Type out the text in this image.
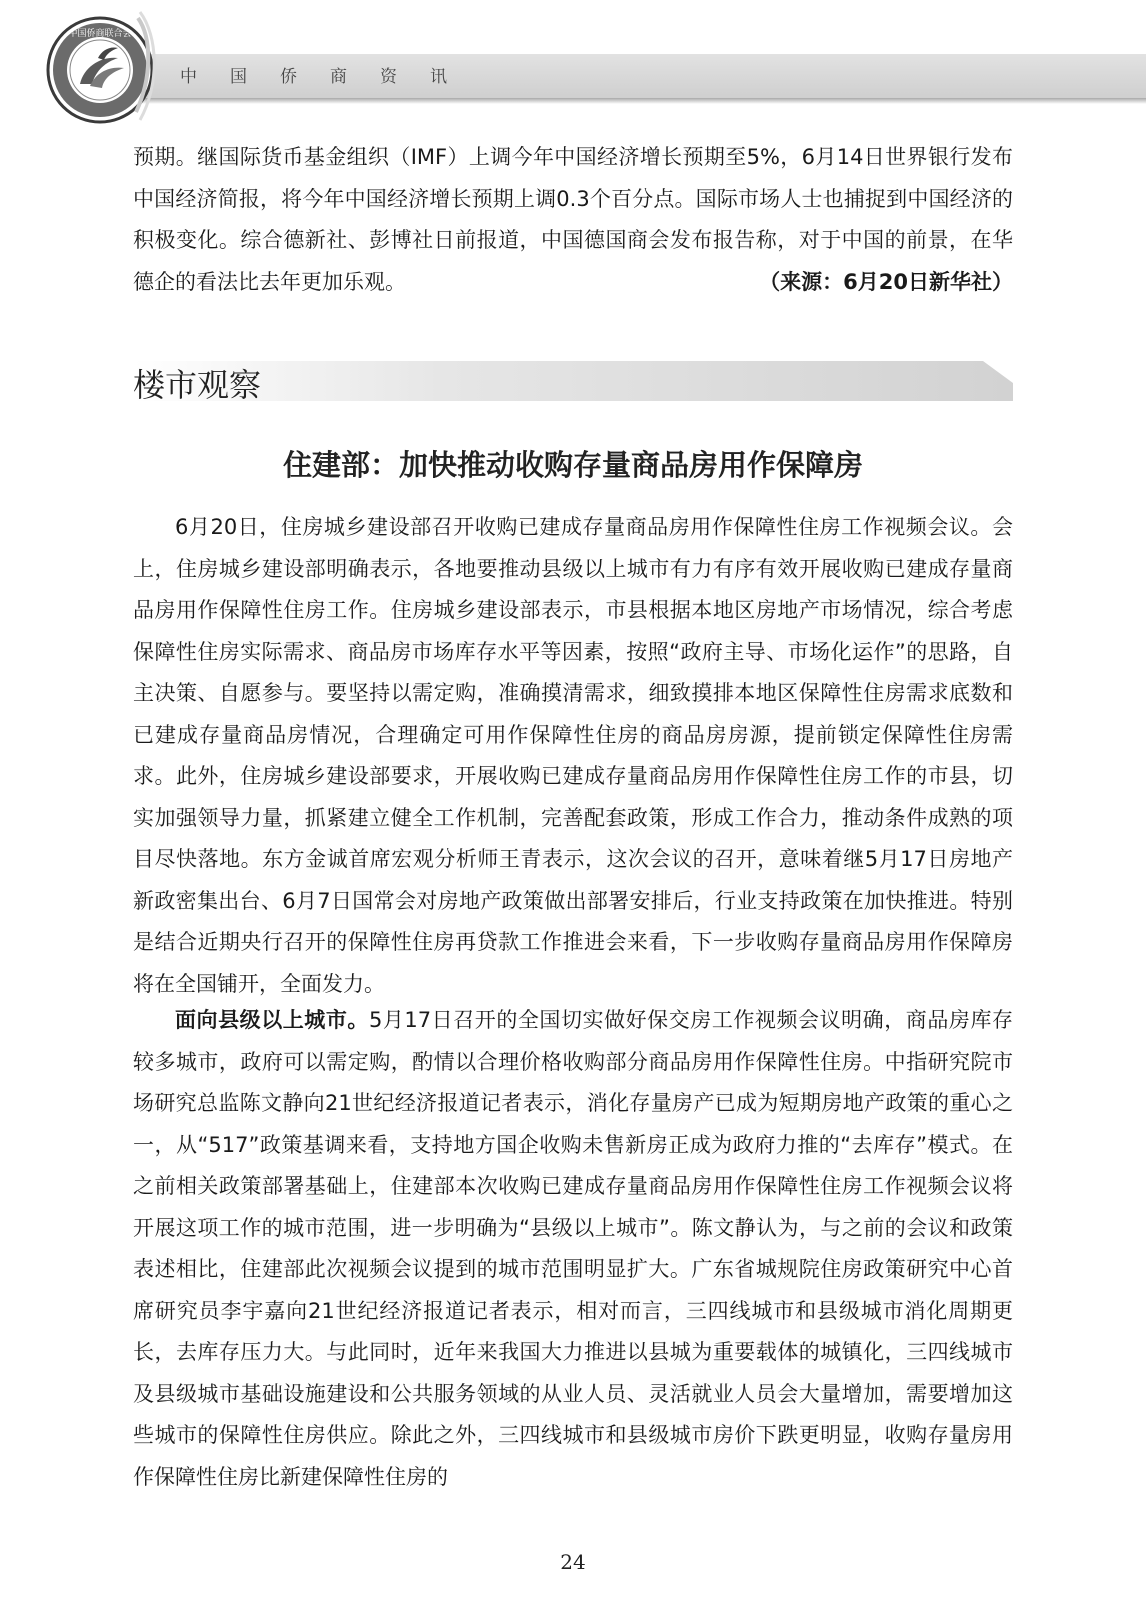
中国侨商资讯
中国侨商联合会

预期。继国际货币基金组织（IMF）上调今年中国经济增长预期至5%，6月14日世界银行发布中国经济简报，将今年中国经济增长预期上调0.3个百分点。国际市场人士也捕捉到中国经济的积极变化。综合德新社、彭博社日前报道，中国德国商会发布报告称，对于中国的前景，在华德企的看法比去年更加乐观。	（来源：6月20日新华社）

楼市观察
住建部：加快推动收购存量商品房用作保障房

6月20日，住房城乡建设部召开收购已建成存量商品房用作保障性住房工作视频会议。会上，住房城乡建设部明确表示，各地要推动县级以上城市有力有序有效开展收购已建成存量商品房用作保障性住房工作。住房城乡建设部表示，市县根据本地区房地产市场情况，综合考虑保障性住房实际需求、商品房市场库存水平等因素，按照“政府主导、市场化运作”的思路，自主决策、自愿参与。要坚持以需定购，准确摸清需求，细致摸排本地区保障性住房需求底数和已建成存量商品房情况，合理确定可用作保障性住房的商品房房源，提前锁定保障性住房需求。此外，住房城乡建设部要求，开展收购已建成存量商品房用作保障性住房工作的市县，切实加强领导力量，抓紧建立健全工作机制，完善配套政策，形成工作合力，推动条件成熟的项目尽快落地。东方金诚首席宏观分析师王青表示，这次会议的召开，意味着继5月17日房地产新政密集出台、6月7日国常会对房地产政策做出部署安排后，行业支持政策在加快推进。特别是结合近期央行召开的保障性住房再贷款工作推进会来看，下一步收购存量商品房用作保障房将在全国铺开，全面发力。

面向县级以上城市。5月17日召开的全国切实做好保交房工作视频会议明确，商品房库存较多城市，政府可以需定购，酌情以合理价格收购部分商品房用作保障性住房。中指研究院市场研究总监陈文静向21世纪经济报道记者表示，消化存量房产已成为短期房地产政策的重心之一，从“517”政策基调来看，支持地方国企收购未售新房正成为政府力推的“去库存”模式。在之前相关政策部署基础上，住建部本次收购已建成存量商品房用作保障性住房工作视频会议将开展这项工作的城市范围，进一步明确为“县级以上城市”。陈文静认为，与之前的会议和政策表述相比，住建部此次视频会议提到的城市范围明显扩大。广东省城规院住房政策研究中心首席研究员李宇嘉向21世纪经济报道记者表示，相对而言，三四线城市和县级城市消化周期更长，去库存压力大。与此同时，近年来我国大力推进以县城为重要载体的城镇化，三四线城市及县级城市基础设施建设和公共服务领域的从业人员、灵活就业人员会大量增加，需要增加这些城市的保障性住房供应。除此之外，三四线城市和县级城市房价下跌更明显，收购存量房用作保障性住房比新建保障性住房的

24
